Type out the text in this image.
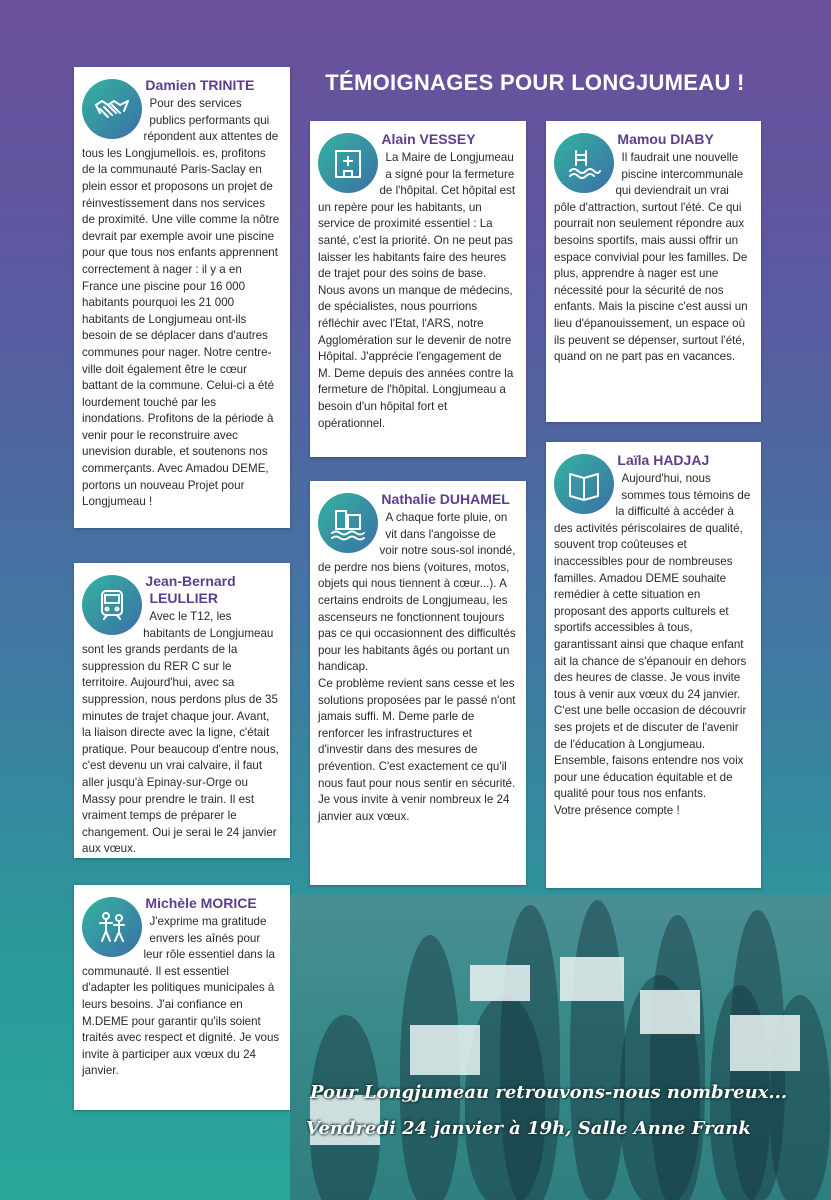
TÉMOIGNAGES POUR LONGJUMEAU !
Damien TRINITE

Pour des services publics performants qui répondent aux attentes de tous les Longjumellois. es, profitons de la communauté Paris-Saclay en plein essor et proposons un projet de réinvestissement dans nos services de proximité. Une ville comme la nôtre devrait par exemple avoir une piscine pour que tous nos enfants apprennent correctement à nager : il y a en France une piscine pour 16 000 habitants pourquoi les 21 000 habitants de Longjumeau ont-ils besoin de se déplacer dans d'autres communes pour nager. Notre centre-ville doit également être le cœur battant de la commune. Celui-ci a été lourdement touché par les inondations. Profitons de la période à venir pour le reconstruire avec unevision durable, et soutenons nos commerçants. Avec Amadou DEME, portons un nouveau Projet pour Longjumeau !

Alain VESSEY

La Maire de Longjumeau a signé pour la fermeture de l'hôpital. Cet hôpital est un repère pour les habitants, un service de proximité essentiel : La santé, c'est la priorité. On ne peut pas laisser les habitants faire des heures de trajet pour des soins de base. Nous avons un manque de médecins, de spécialistes, nous pourrions réfléchir avec l'Etat, l'ARS, notre Agglomération sur le devenir de notre Hôpital. J'apprécie l'engagement de M. Deme depuis des années contre la fermeture de l'hôpital. Longjumeau a besoin d'un hôpital fort et opérationnel.

Mamou DIABY

Il faudrait une nouvelle piscine intercommunale qui deviendrait un vrai pôle d'attraction, surtout l'été. Ce qui pourrait non seulement répondre aux besoins sportifs, mais aussi offrir un espace convivial pour les familles. De plus, apprendre à nager est une nécessité pour la sécurité de nos enfants. Mais la piscine c'est aussi un lieu d'épanouissement, un espace où ils peuvent se dépenser, surtout l'été, quand on ne part pas en vacances.

Jean-Bernard LEULLIER

Avec le T12, les habitants de Longjumeau sont les grands perdants de la suppression du RER C sur le territoire. Aujourd'hui, avec sa suppression, nous perdons plus de 35 minutes de trajet chaque jour. Avant, la liaison directe avec la ligne, c'était pratique. Pour beaucoup d'entre nous, c'est devenu un vrai calvaire, il faut aller jusqu'à Epinay-sur-Orge ou Massy pour prendre le train. Il est vraiment temps de préparer le changement. Oui je serai le 24 janvier aux vœux.

Nathalie DUHAMEL

A chaque forte pluie, on vit dans l'angoisse de voir notre sous-sol inondé, de perdre nos biens (voitures, motos, objets qui nous tiennent à cœur...). A certains endroits de Longjumeau, les ascenseurs ne fonctionnent toujours pas ce qui occasionnent des difficultés pour les habitants âgés ou portant un handicap.

Ce problème revient sans cesse et les solutions proposées par le passé n'ont jamais suffi. M. Deme parle de renforcer les infrastructures et d'investir dans des mesures de prévention. C'est exactement ce qu'il nous faut pour nous sentir en sécurité.

Je vous invite à venir nombreux le 24 janvier aux vœux.

Laïla HADJAJ

Aujourd'hui, nous sommes tous témoins de la difficulté à accéder à des activités périscolaires de qualité, souvent trop coûteuses et inaccessibles pour de nombreuses familles. Amadou DEME souhaite remédier à cette situation en proposant des apports culturels et sportifs accessibles à tous, garantissant ainsi que chaque enfant ait la chance de s'épanouir en dehors des heures de classe. Je vous invite tous à venir aux vœux du 24 janvier. C'est une belle occasion de découvrir ses projets et de discuter de l'avenir de l'éducation à Longjumeau. Ensemble, faisons entendre nos voix pour une éducation équitable et de qualité pour tous nos enfants.

Votre présence compte !

Michèle MORICE

J'exprime ma gratitude envers les aînés pour leur rôle essentiel dans la communauté. Il est essentiel d'adapter les politiques municipales à leurs besoins. J'ai confiance en M.DEME pour garantir qu'ils soient traités avec respect et dignité. Je vous invite à participer aux vœux du 24 janvier.

Pour Longjumeau retrouvons-nous nombreux...
Vendredi 24 janvier à 19h, Salle Anne Frank
